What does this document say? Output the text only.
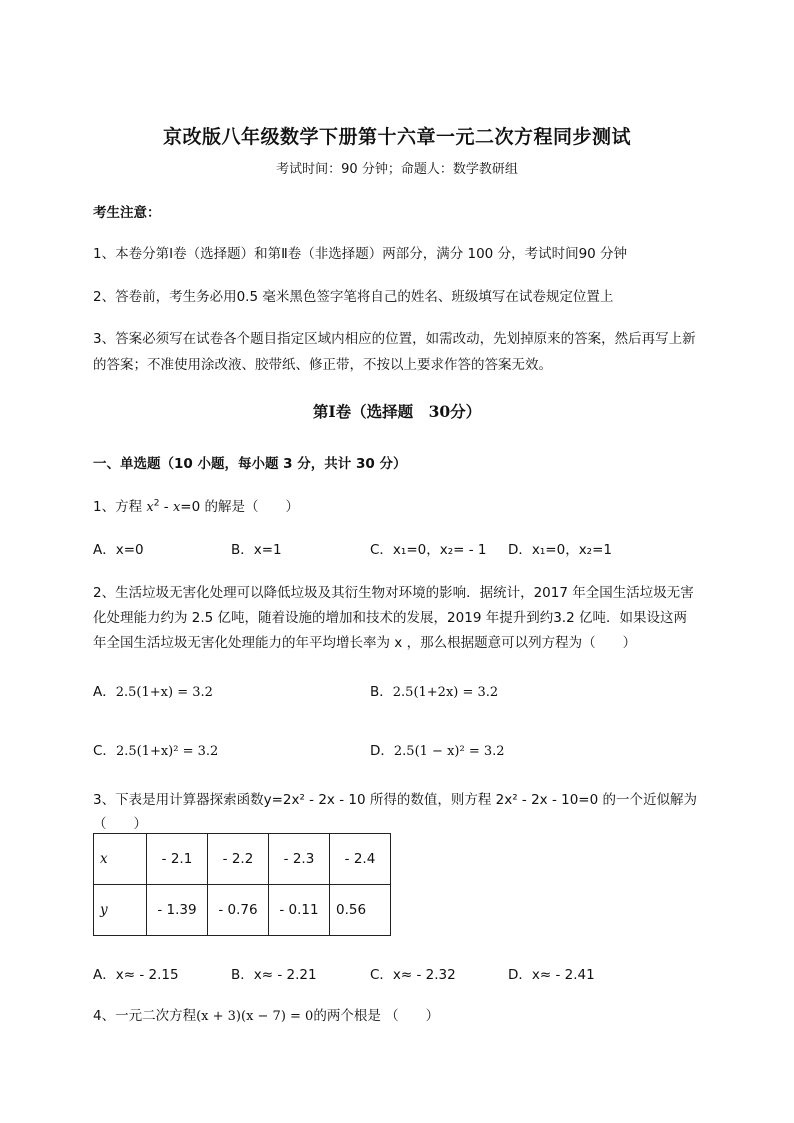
京改版八年级数学下册第十六章一元二次方程同步测试
考试时间：90 分钟；命题人：数学教研组
考生注意：
1、本卷分第Ⅰ卷（选择题）和第Ⅱ卷（非选择题）两部分，满分 100 分，考试时间90 分钟
2、答卷前，考生务必用0.5 毫米黑色签字笔将自己的姓名、班级填写在试卷规定位置上
3、答案必须写在试卷各个题目指定区域内相应的位置，如需改动，先划掉原来的答案，然后再写上新
的答案；不准使用涂改液、胶带纸、修正带，不按以上要求作答的答案无效。
第Ⅰ卷（选择题　30分）
一、单选题（10 小题，每小题 3 分，共计 30 分）
1、方程 $x^2 - x=0$ 的解是（　　）
A．x=0	B．x=1	C．x₁=0，x₂= - 1 D．x₁=0，x₂=1
2、生活垃圾无害化处理可以降低垃圾及其衍生物对环境的影响．据统计，2017 年全国生活垃圾无害
化处理能力约为 2.5 亿吨，随着设施的增加和技术的发展，2019 年提升到约3.2 亿吨．如果设这两
年全国生活垃圾无害化处理能力的年平均增长率为 x ，那么根据题意可以列方程为（　　）
A．2.5(1+x) = 3.2	B．2.5(1+2x) = 3.2
C．2.5(1+x)² = 3.2	D．2.5(1 − x)² = 3.2
3、下表是用计算器探索函数y=2x² - 2x - 10 所得的数值，则方程 2x² - 2x - 10=0 的一个近似解为
（　　）
x	- 2.1	- 2.2	- 2.3	- 2.4
y	- 1.39	- 0.76	- 0.11	0.56
A．x≈ - 2.15	B．x≈ - 2.21	C．x≈ - 2.32	D．x≈ - 2.41
4、一元二次方程(x + 3)(x − 7) = 0的两个根是 （　　）
